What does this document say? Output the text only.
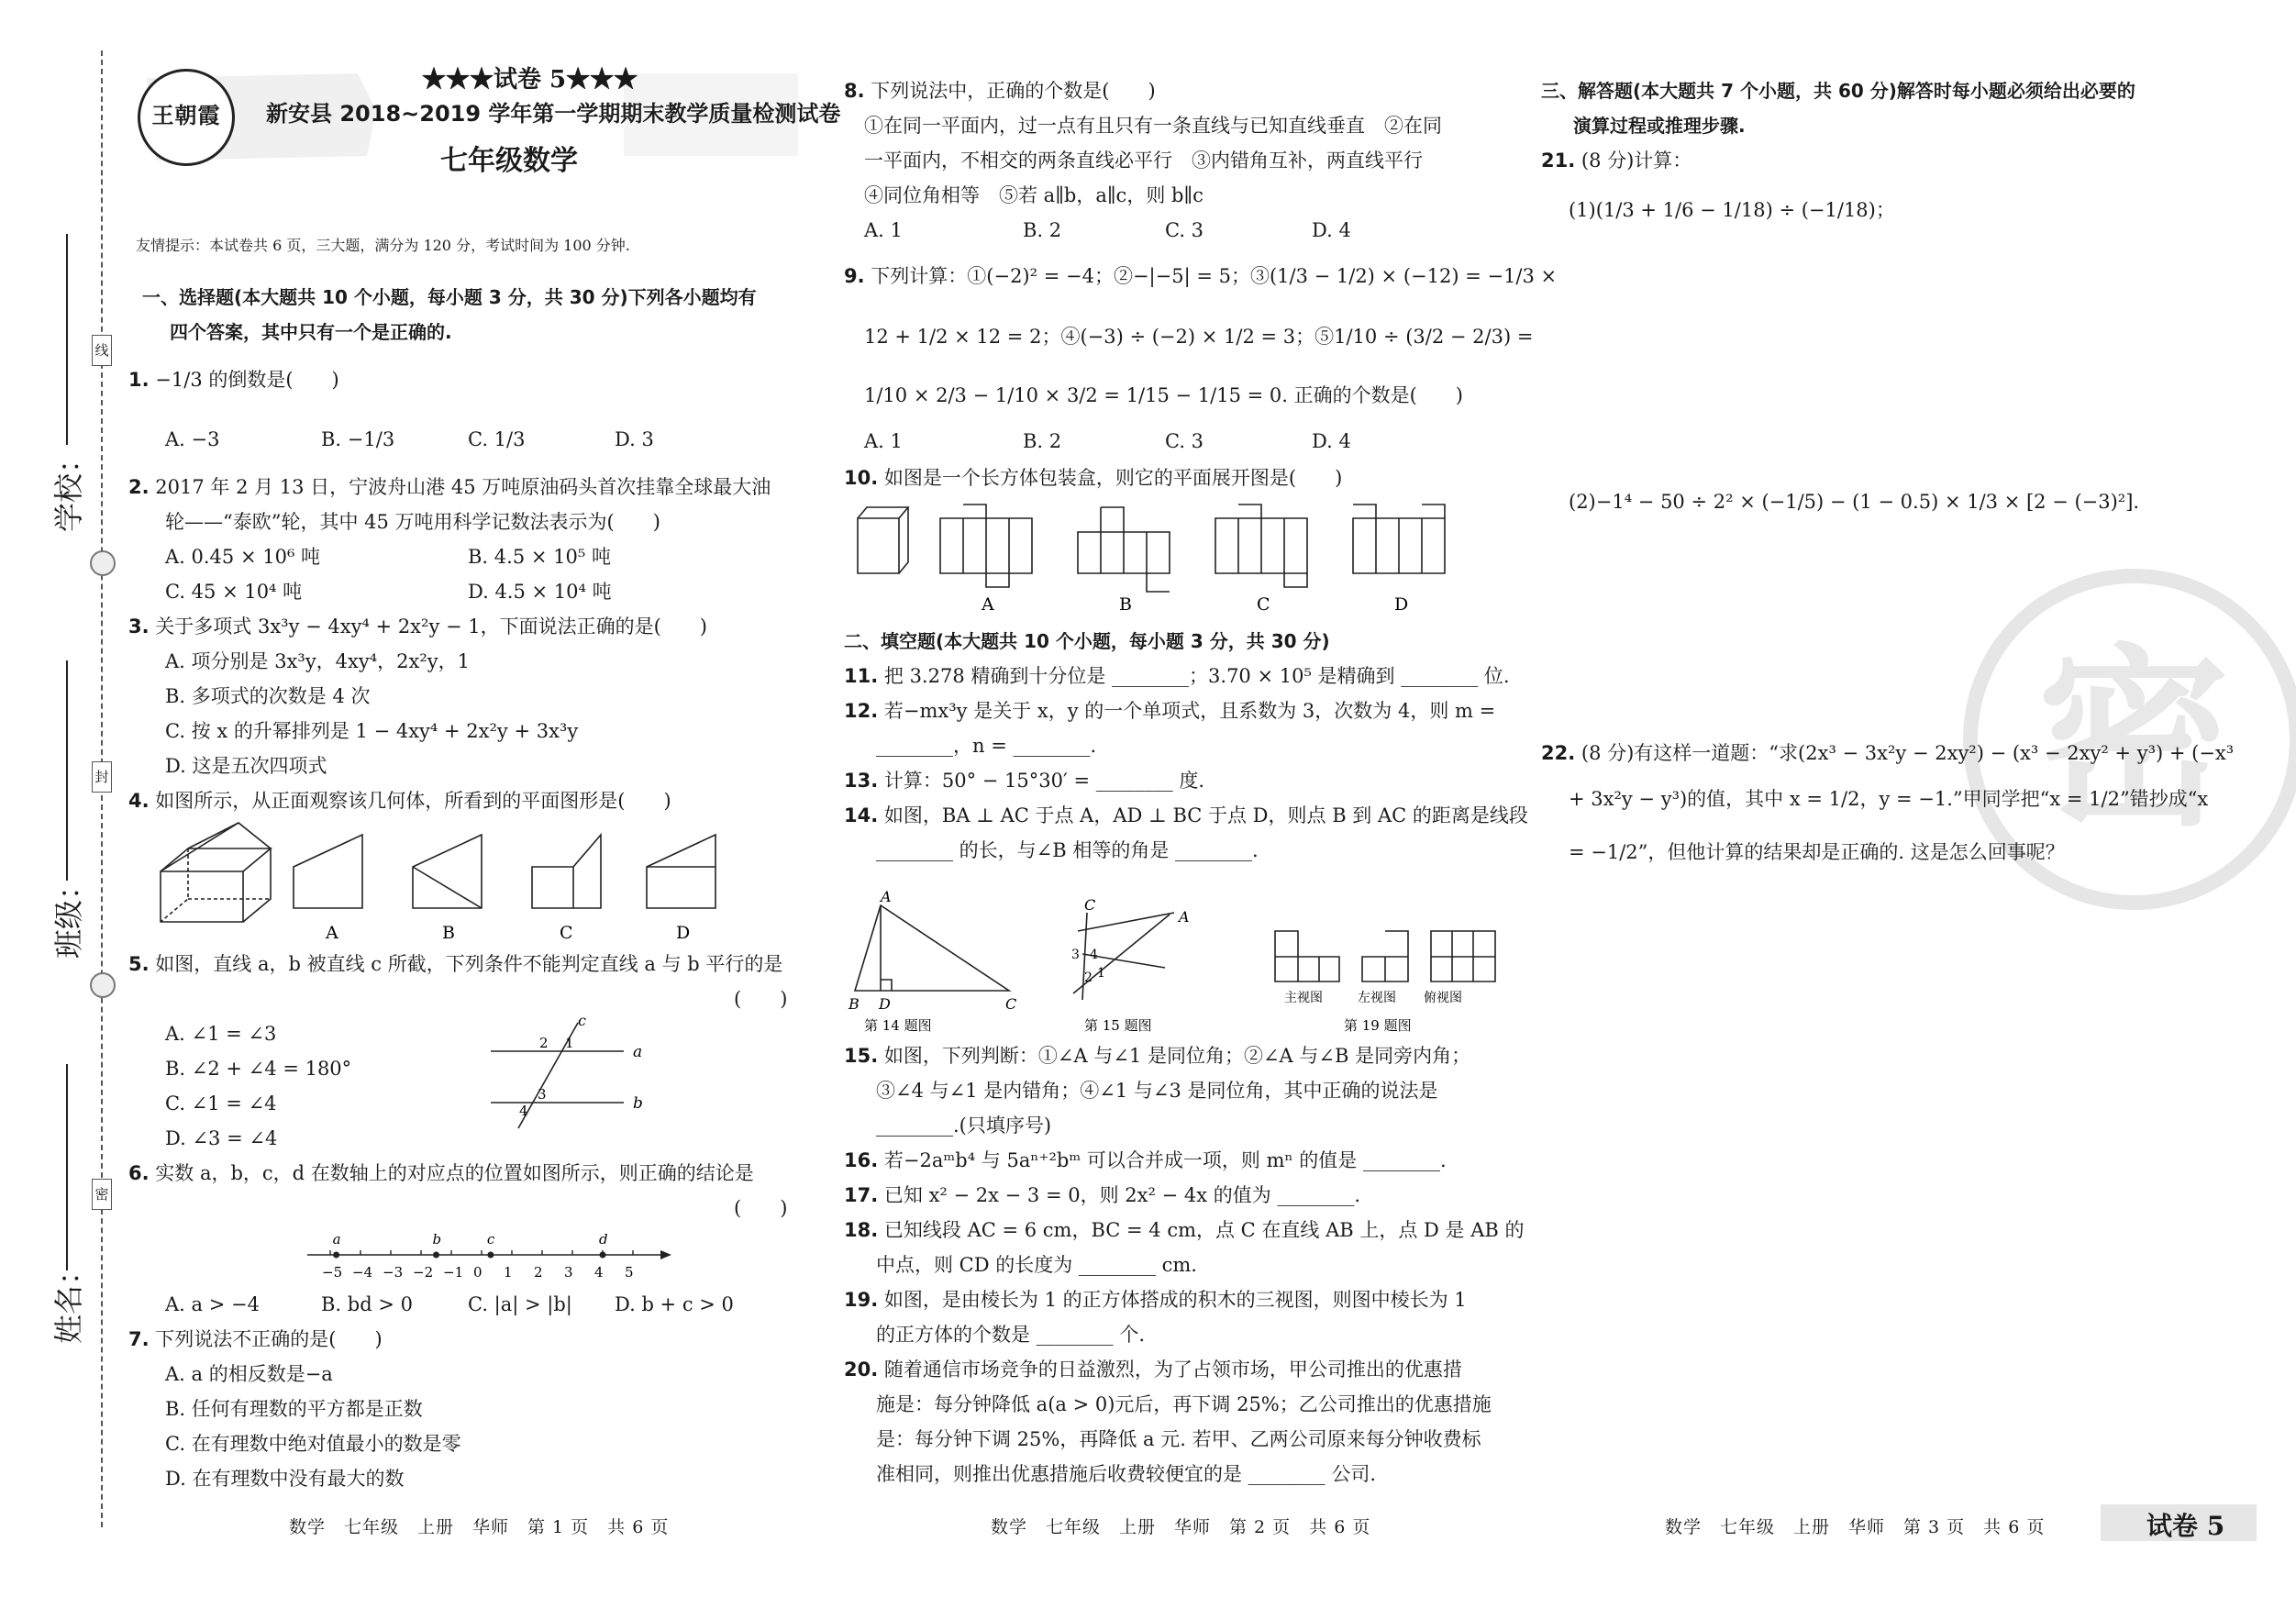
线
封
密
学校：
班级：
姓名：
王朝霞
★★★试卷 5★★★
新安县 2018~2019 学年第一学期期末教学质量检测试卷
七年级数学
友情提示：本试卷共 6 页，三大题，满分为 120 分，考试时间为 100 分钟.
一、选择题(本大题共 10 个小题，每小题 3 分，共 30 分)下列各小题均有
四个答案，其中只有一个是正确的.
1. −1/3 的倒数是(　　)
A. −3	B. −1/3	C. 1/3	D. 3
2. 2017 年 2 月 13 日，宁波舟山港 45 万吨原油码头首次挂靠全球最大油
轮——“泰欧”轮，其中 45 万吨用科学记数法表示为(　　)
A. 0.45 × 10⁶ 吨	B. 4.5 × 10⁵ 吨
C. 45 × 10⁴ 吨	D. 4.5 × 10⁴ 吨
3. 关于多项式 3x³y − 4xy⁴ + 2x²y − 1，下面说法正确的是(　　)
A. 项分别是 3x³y，4xy⁴，2x²y，1
B. 多项式的次数是 4 次
C. 按 x 的升幂排列是 1 − 4xy⁴ + 2x²y + 3x³y
D. 这是五次四项式
4. 如图所示，从正面观察该几何体，所看到的平面图形是(　　)
A	B	C	D
5. 如图，直线 a，b 被直线 c 所截，下列条件不能判定直线 a 与 b 平行的是
(　　)
A. ∠1 = ∠3
B. ∠2 + ∠4 = 180°
C. ∠1 = ∠4
D. ∠3 = ∠4
c
a
b
2 1
3
4
6. 实数 a，b，c，d 在数轴上的对应点的位置如图所示，则正确的结论是
(　　)
−5 −4 −3 −2 −1 0 1 2 3 4 5
a	b	c	d
A. a > −4	B. bd > 0	C. |a| > |b| D. b + c > 0
7. 下列说法不正确的是(　　)
A. a 的相反数是−a
B. 任何有理数的平方都是正数
C. 在有理数中绝对值最小的数是零
D. 在有理数中没有最大的数
数学　七年级　上册　华师　第 1 页　共 6 页
8. 下列说法中，正确的个数是(　　)
①在同一平面内，过一点有且只有一条直线与已知直线垂直　②在同
一平面内，不相交的两条直线必平行　③内错角互补，两直线平行
④同位角相等　⑤若 a∥b，a∥c，则 b∥c
A. 1	B. 2	C. 3	D. 4
9. 下列计算：①(−2)² = −4；②−|−5| = 5；③(1/3 − 1/2) × (−12) = −1/3 ×
12 + 1/2 × 12 = 2；④(−3) ÷ (−2) × 1/2 = 3；⑤1/10 ÷ (3/2 − 2/3) =
1/10 × 2/3 − 1/10 × 3/2 = 1/15 − 1/15 = 0. 正确的个数是(　　)
A. 1	B. 2	C. 3	D. 4
10. 如图是一个长方体包装盒，则它的平面展开图是(　　)
A	B	C	D
二、填空题(本大题共 10 个小题，每小题 3 分，共 30 分)
11. 把 3.278 精确到十分位是 ________；3.70 × 10⁵ 是精确到 ________ 位.
12. 若−mx³y 是关于 x，y 的一个单项式，且系数为 3，次数为 4，则 m =
________，n = ________.
13. 计算：50° − 15°30′ = ________ 度.
14. 如图，BA ⊥ AC 于点 A，AD ⊥ BC 于点 D，则点 B 到 AC 的距离是线段
________ 的长，与∠B 相等的角是 ________.
A
B D	C
第 14 题图
C
A
3 4
2 1
第 15 题图
主视图	左视图 俯视图
第 19 题图
15. 如图，下列判断：①∠A 与∠1 是同位角；②∠A 与∠B 是同旁内角；
③∠4 与∠1 是内错角；④∠1 与∠3 是同位角，其中正确的说法是
________.(只填序号)
16. 若−2aᵐb⁴ 与 5aⁿ⁺²bᵐ 可以合并成一项，则 mⁿ 的值是 ________.
17. 已知 x² − 2x − 3 = 0，则 2x² − 4x 的值为 ________.
18. 已知线段 AC = 6 cm，BC = 4 cm，点 C 在直线 AB 上，点 D 是 AB 的
中点，则 CD 的长度为 ________ cm.
19. 如图，是由棱长为 1 的正方体搭成的积木的三视图，则图中棱长为 1
的正方体的个数是 ________ 个.
20. 随着通信市场竞争的日益激烈，为了占领市场，甲公司推出的优惠措
施是：每分钟降低 a(a > 0)元后，再下调 25%；乙公司推出的优惠措施
是：每分钟下调 25%，再降低 a 元. 若甲、乙两公司原来每分钟收费标
准相同，则推出优惠措施后收费较便宜的是 ________ 公司.
数学　七年级　上册　华师　第 2 页　共 6 页
密
三、解答题(本大题共 7 个小题，共 60 分)解答时每小题必须给出必要的
演算过程或推理步骤.
21. (8 分)计算：
(1)(1/3 + 1/6 − 1/18) ÷ (−1/18)；
(2)−1⁴ − 50 ÷ 2² × (−1/5) − (1 − 0.5) × 1/3 × [2 − (−3)²].
22. (8 分)有这样一道题：“求(2x³ − 3x²y − 2xy²) − (x³ − 2xy² + y³) + (−x³
+ 3x²y − y³)的值，其中 x = 1/2，y = −1.”甲同学把“x = 1/2”错抄成“x
= −1/2”，但他计算的结果却是正确的. 这是怎么回事呢？
数学　七年级　上册　华师　第 3 页　共 6 页	试卷 5
